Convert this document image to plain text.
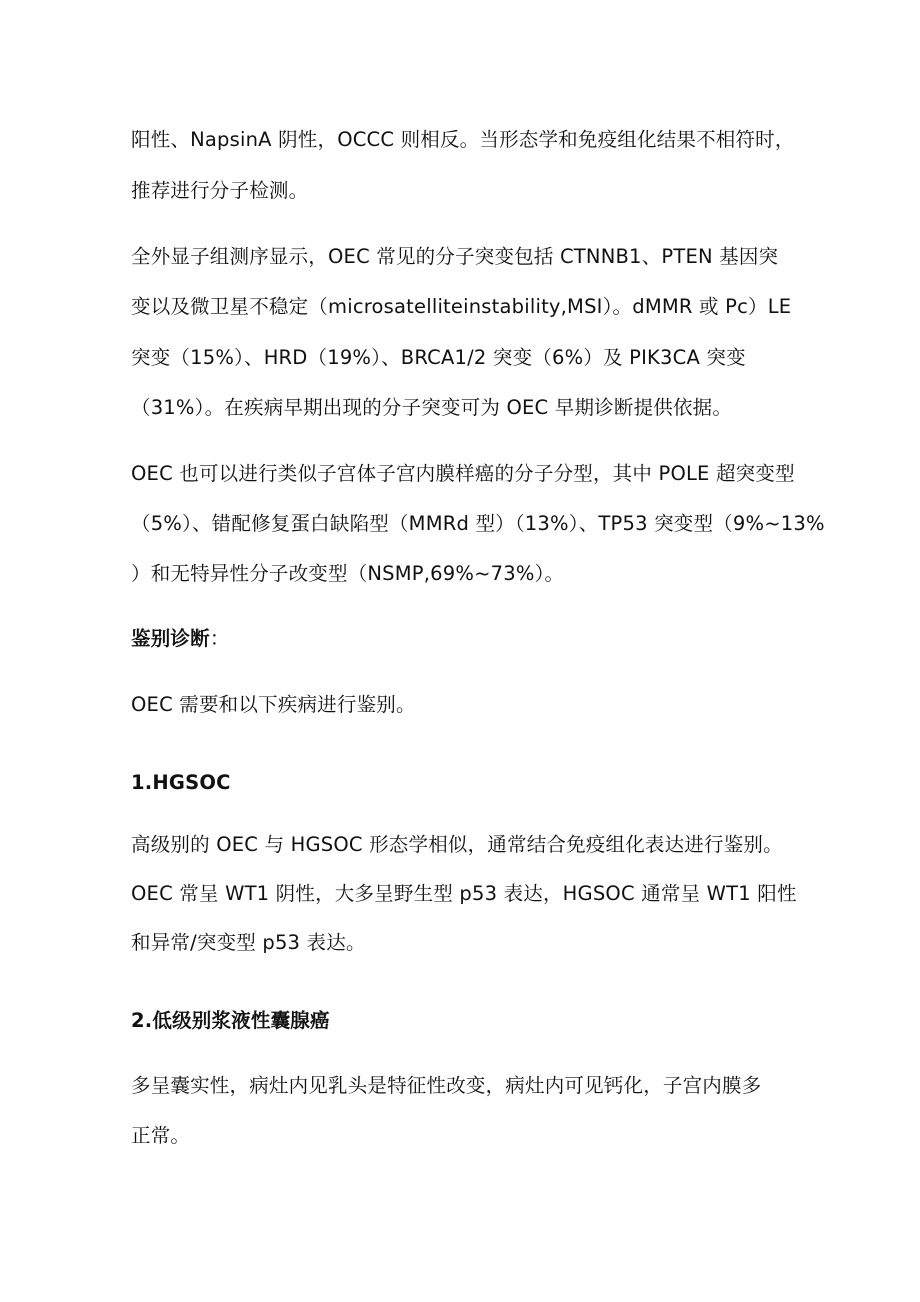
阳性、NapsinA 阴性，OCCC 则相反。当形态学和免疫组化结果不相符时，
推荐进行分子检测。
全外显子组测序显示，OEC 常见的分子突变包括 CTNNB1、PTEN 基因突
变以及微卫星不稳定（microsatelliteinstability,MSI）。dMMR 或 Pc）LE
突变（15%）、HRD（19%）、BRCA1/2 突变（6%）及 PIK3CA 突变
（31%）。在疾病早期出现的分子突变可为 OEC 早期诊断提供依据。
OEC 也可以进行类似子宫体子宫内膜样癌的分子分型，其中 POLE 超突变型
（5%）、错配修复蛋白缺陷型（MMRd 型）（13%）、TP53 突变型（9%~13%
）和无特异性分子改变型（NSMP,69%~73%）。
鉴别诊断：
OEC 需要和以下疾病进行鉴别。
1.HGSOC
高级别的 OEC 与 HGSOC 形态学相似，通常结合免疫组化表达进行鉴别。
OEC 常呈 WT1 阴性，大多呈野生型 p53 表达，HGSOC 通常呈 WT1 阳性
和异常/突变型 p53 表达。
2.低级别浆液性囊腺癌
多呈囊实性，病灶内见乳头是特征性改变，病灶内可见钙化，子宫内膜多
正常。
